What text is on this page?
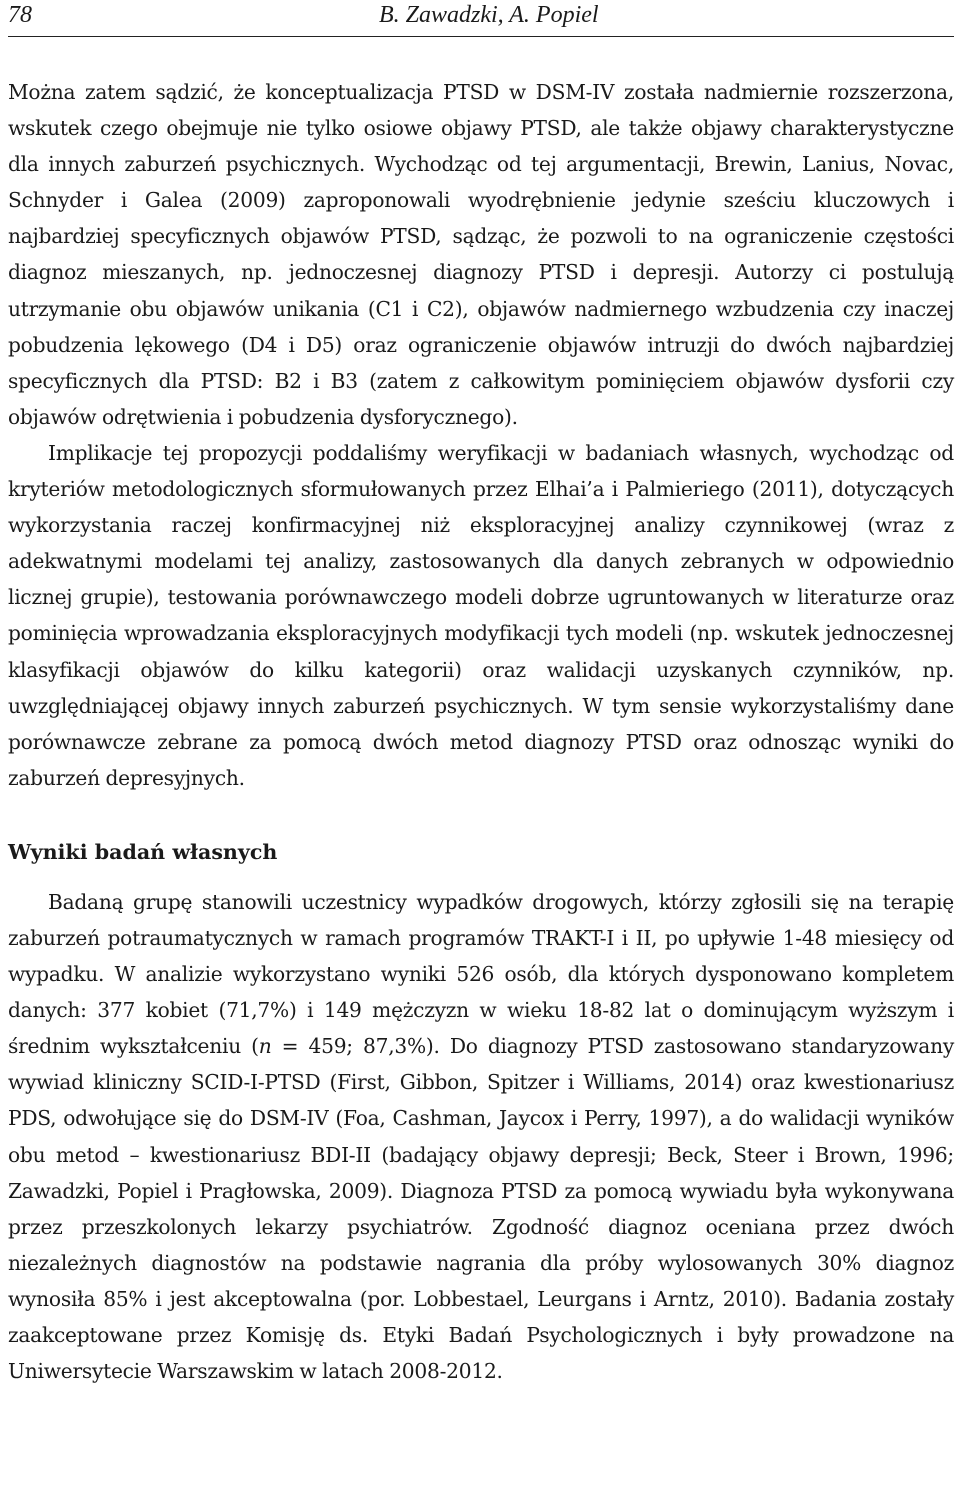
78	B. Zawadzki, A. Popiel

Można zatem sądzić, że konceptualizacja PTSD w DSM-IV została nadmiernie rozszerzona, wskutek czego obejmuje nie tylko osiowe objawy PTSD, ale także objawy charakterystyczne dla innych zaburzeń psychicznych. Wychodząc od tej argumentacji, Brewin, Lanius, Novac, Schnyder i Galea (2009) zaproponowali wyodrębnienie jedynie sześciu kluczowych i najbardziej specyficznych objawów PTSD, sądząc, że pozwoli to na ograniczenie częstości diagnoz mieszanych, np. jednoczesnej diagnozy PTSD i depresji. Autorzy ci postulują utrzymanie obu objawów unikania (C1 i C2), objawów nadmiernego wzbudzenia czy inaczej pobudzenia lękowego (D4 i D5) oraz ograniczenie objawów intruzji do dwóch najbardziej specyficznych dla PTSD: B2 i B3 (zatem z całkowitym pominięciem objawów dysforii czy objawów odrętwienia i pobudzenia dysforycznego).

Implikacje tej propozycji poddaliśmy weryfikacji w badaniach własnych, wychodząc od kryteriów metodologicznych sformułowanych przez Elhai’a i Palmieriego (2011), dotyczących wykorzystania raczej konfirmacyjnej niż eksploracyjnej analizy czynnikowej (wraz z adekwatnymi modelami tej analizy, zastosowanych dla danych zebranych w odpowiednio licznej grupie), testowania porównawczego modeli dobrze ugruntowanych w literaturze oraz pominięcia wprowadzania eksploracyjnych modyfikacji tych modeli (np. wskutek jednoczesnej klasyfikacji objawów do kilku kategorii) oraz walidacji uzyskanych czynników, np. uwzględniającej objawy innych zaburzeń psychicznych. W tym sensie wykorzystaliśmy dane porównawcze zebrane za pomocą dwóch metod diagnozy PTSD oraz odnosząc wyniki do zaburzeń depresyjnych.

Wyniki badań własnych

Badaną grupę stanowili uczestnicy wypadków drogowych, którzy zgłosili się na terapię zaburzeń potraumatycznych w ramach programów TRAKT-I i II, po upływie 1-48 miesięcy od wypadku. W analizie wykorzystano wyniki 526 osób, dla których dysponowano kompletem danych: 377 kobiet (71,7%) i 149 mężczyzn w wieku 18-82 lat o dominującym wyższym i średnim wykształceniu (n = 459; 87,3%). Do diagnozy PTSD zastosowano standaryzowany wywiad kliniczny SCID-I-PTSD (First, Gibbon, Spitzer i Williams, 2014) oraz kwestionariusz PDS, odwołujące się do DSM-IV (Foa, Cashman, Jaycox i Perry, 1997), a do walidacji wyników obu metod – kwestionariusz BDI-II (badający objawy depresji; Beck, Steer i Brown, 1996; Zawadzki, Popiel i Pragłowska, 2009). Diagnoza PTSD za pomocą wywiadu była wykonywana przez przeszkolonych lekarzy psychiatrów. Zgodność diagnoz oceniana przez dwóch niezależnych diagnostów na podstawie nagrania dla próby wylosowanych 30% diagnoz wynosiła 85% i jest akceptowalna (por. Lobbestael, Leurgans i Arntz, 2010). Badania zostały zaakceptowane przez Komisję ds. Etyki Badań Psychologicznych i były prowadzone na Uniwersytecie Warszawskim w latach 2008-2012.
